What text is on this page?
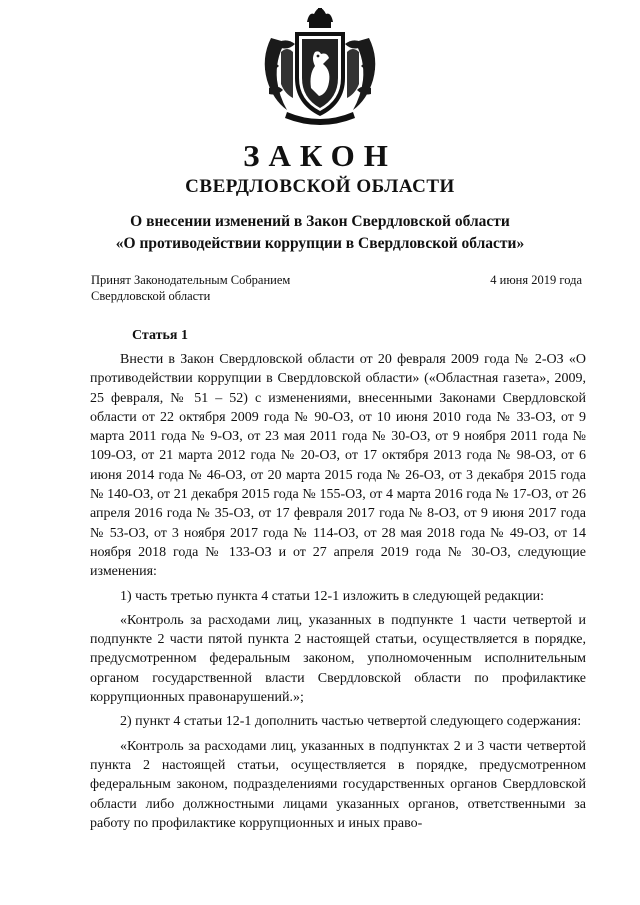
ЗАКОН
СВЕРДЛОВСКОЙ ОБЛАСТИ
О внесении изменений в Закон Свердловской области
«О противодействии коррупции в Свердловской области»
Принят Законодательным Собранием
Свердловской области
4 июня 2019 года
Статья 1

Внести в Закон Свердловской области от 20 февраля 2009 года № 2-ОЗ «О противодействии коррупции в Свердловской области» («Областная газета», 2009, 25 февраля, № 51 – 52) с изменениями, внесенными Законами Свердловской области от 22 октября 2009 года № 90-ОЗ, от 10 июня 2010 года № 33-ОЗ, от 9 марта 2011 года № 9-ОЗ, от 23 мая 2011 года № 30-ОЗ, от 9 ноября 2011 года № 109-ОЗ, от 21 марта 2012 года № 20-ОЗ, от 17 октября 2013 года № 98-ОЗ, от 6 июня 2014 года № 46-ОЗ, от 20 марта 2015 года № 26-ОЗ, от 3 декабря 2015 года № 140-ОЗ, от 21 декабря 2015 года № 155-ОЗ, от 4 марта 2016 года № 17-ОЗ, от 26 апреля 2016 года № 35-ОЗ, от 17 февраля 2017 года № 8-ОЗ, от 9 июня 2017 года № 53-ОЗ, от 3 ноября 2017 года № 114-ОЗ, от 28 мая 2018 года № 49-ОЗ, от 14 ноября 2018 года № 133-ОЗ и от 27 апреля 2019 года № 30-ОЗ, следующие изменения:

1) часть третью пункта 4 статьи 12-1 изложить в следующей редакции:

«Контроль за расходами лиц, указанных в подпункте 1 части четвертой и подпункте 2 части пятой пункта 2 настоящей статьи, осуществляется в порядке, предусмотренном федеральным законом, уполномоченным исполнительным органом государственной власти Свердловской области по профилактике коррупционных правонарушений.»;

2) пункт 4 статьи 12-1 дополнить частью четвертой следующего содержания:

«Контроль за расходами лиц, указанных в подпунктах 2 и 3 части четвертой пункта 2 настоящей статьи, осуществляется в порядке, предусмотренном федеральным законом, подразделениями государственных органов Свердловской области либо должностными лицами указанных органов, ответственными за работу по профилактике коррупционных и иных право-
